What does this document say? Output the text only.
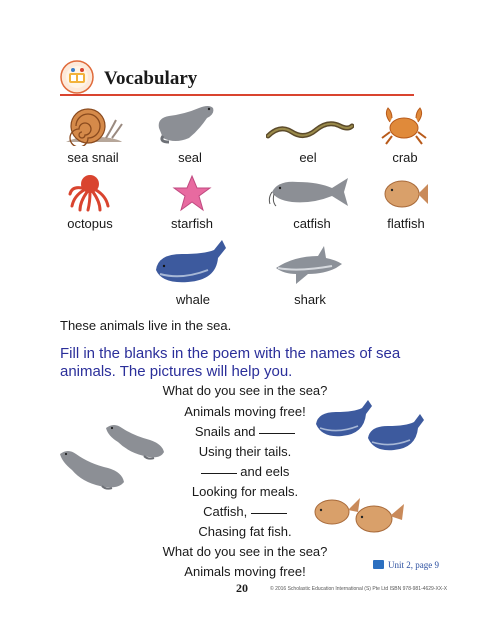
Vocabulary
sea snail	seal	eel	crab
octopus	starfish	catfish	flatfish
whale	shark
These animals live in the sea.
Fill in the blanks in the poem with the names of sea animals. The pictures will help you.
What do you see in the sea?
Animals moving free!
Snails and
Using their tails.
and eels
Looking for meals.
Catfish,
Chasing fat fish.
What do you see in the sea?
Animals moving free!	Unit 2, page 9
20	© 2016 Scholastic Education International (S) Pte Ltd ISBN 978-981-4629-XX-X
